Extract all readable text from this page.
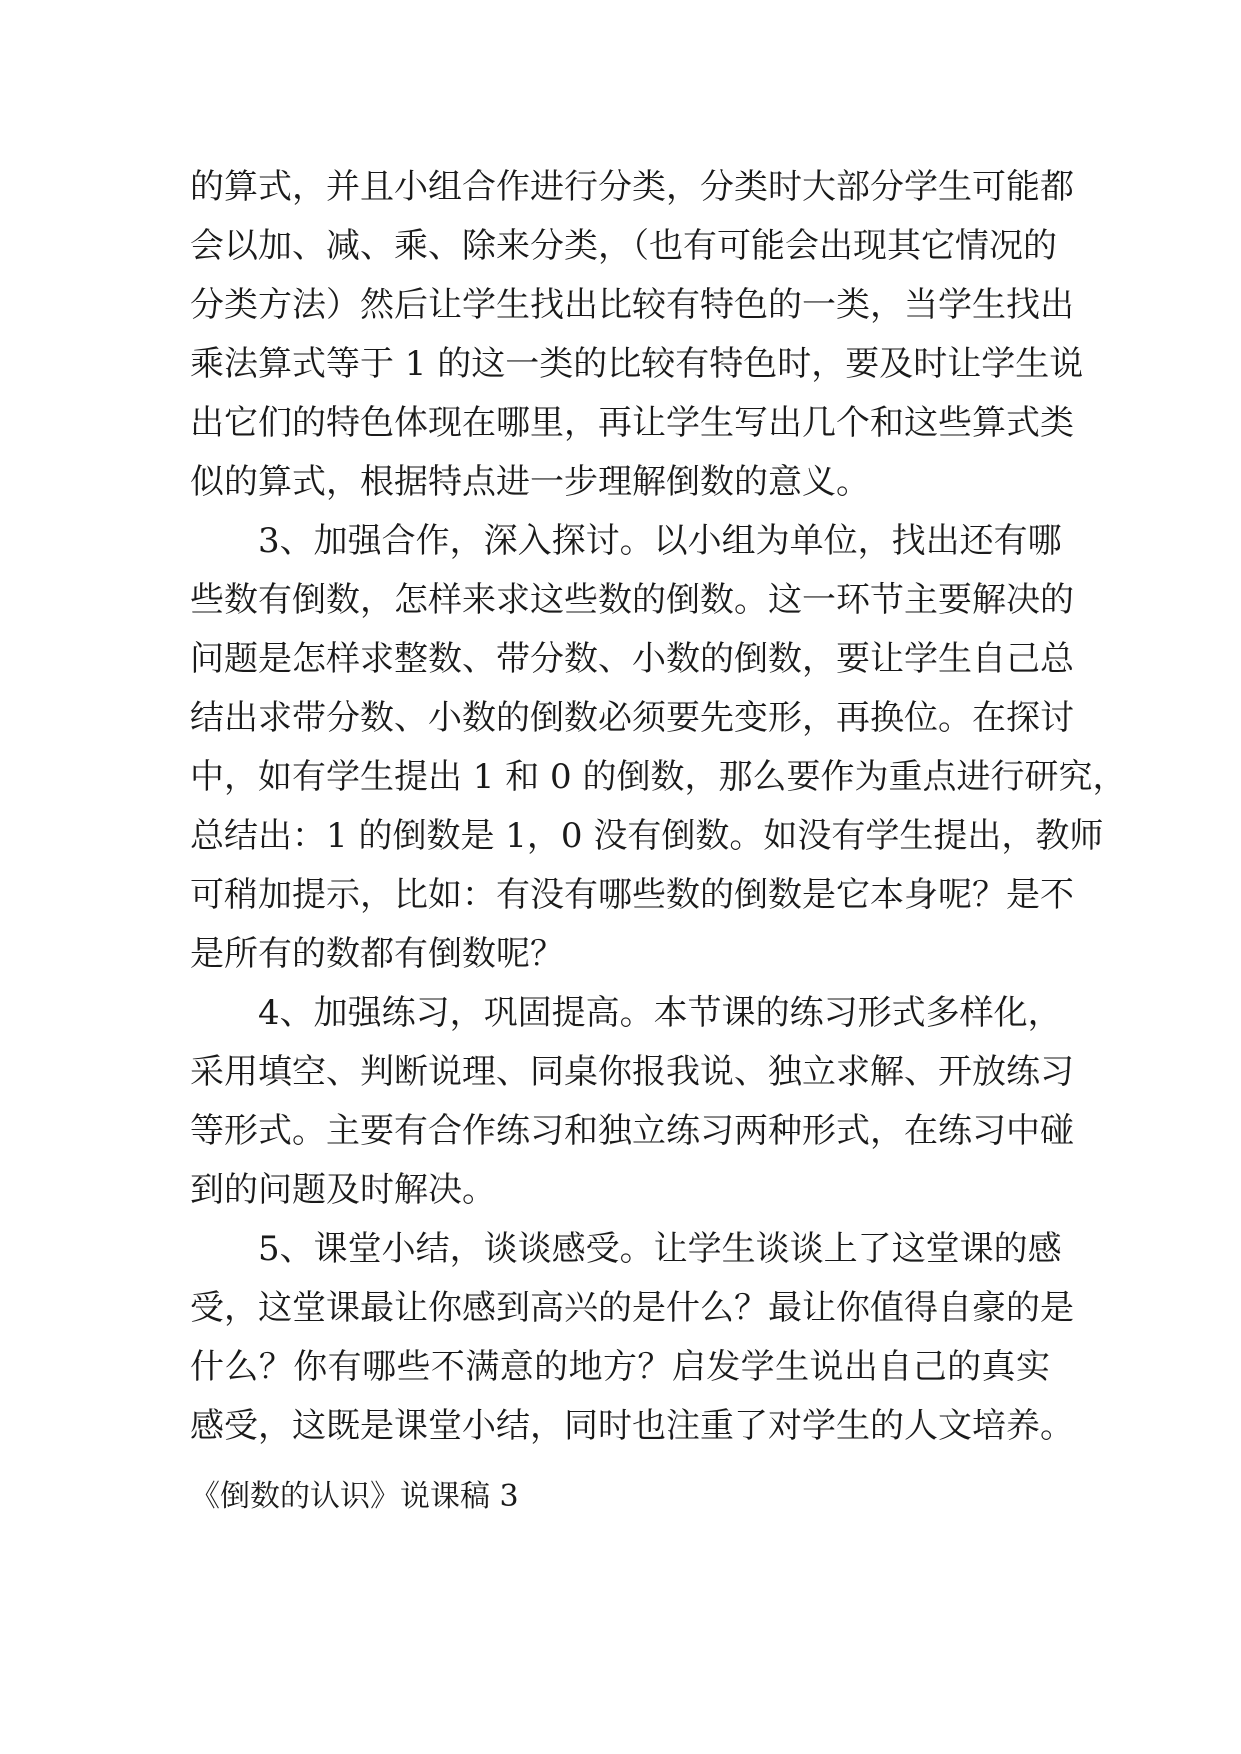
的算式，并且小组合作进行分类，分类时大部分学生可能都
会以加、减、乘、除来分类，（也有可能会出现其它情况的
分类方法）然后让学生找出比较有特色的一类，当学生找出
乘法算式等于 1 的这一类的比较有特色时，要及时让学生说
出它们的特色体现在哪里，再让学生写出几个和这些算式类
似的算式，根据特点进一步理解倒数的意义。
3、加强合作，深入探讨。以小组为单位，找出还有哪
些数有倒数，怎样来求这些数的倒数。这一环节主要解决的
问题是怎样求整数、带分数、小数的倒数，要让学生自己总
结出求带分数、小数的倒数必须要先变形，再换位。在探讨
中，如有学生提出 1 和 0 的倒数，那么要作为重点进行研究，
总结出：1 的倒数是 1，0 没有倒数。如没有学生提出，教师
可稍加提示，比如：有没有哪些数的倒数是它本身呢？是不
是所有的数都有倒数呢？
4、加强练习，巩固提高。本节课的练习形式多样化，
采用填空、判断说理、同桌你报我说、独立求解、开放练习
等形式。主要有合作练习和独立练习两种形式，在练习中碰
到的问题及时解决。
5、课堂小结，谈谈感受。让学生谈谈上了这堂课的感
受，这堂课最让你感到高兴的是什么？最让你值得自豪的是
什么？你有哪些不满意的地方？启发学生说出自己的真实
感受，这既是课堂小结，同时也注重了对学生的人文培养。
《倒数的认识》说课稿 3
